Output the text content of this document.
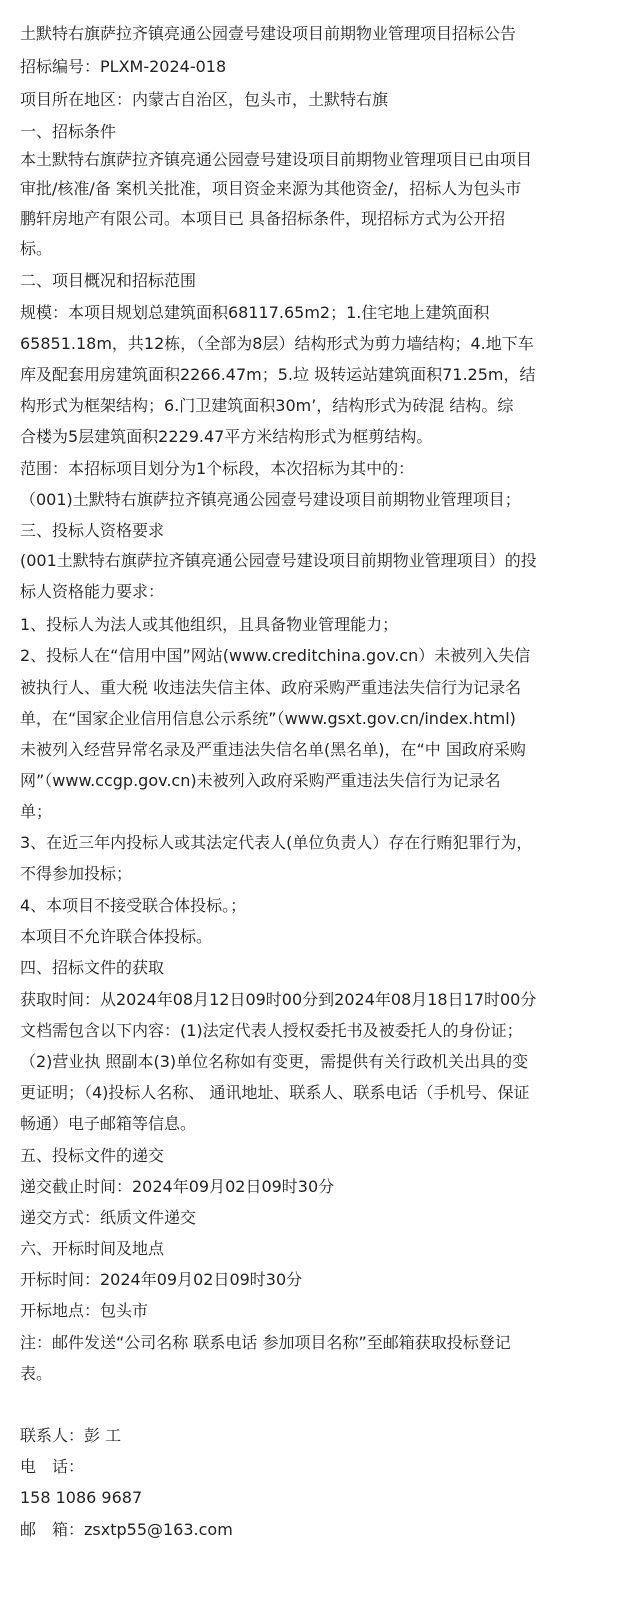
土默特右旗萨拉齐镇亮通公园壹号建设项目前期物业管理项目招标公告
招标编号：PLXM-2024-018
项目所在地区：内蒙古自治区，包头市，土默特右旗
一、招标条件
本土默特右旗萨拉齐镇亮通公园壹号建设项目前期物业管理项目已由项目
审批/核准/备 案机关批准，项目资金来源为其他资金/，招标人为包头市
鹏轩房地产有限公司。本项目已 具备招标条件，现招标方式为公开招
标。
二、项目概况和招标范围
规模：本项目规划总建筑面积68117.65m2；1.住宅地上建筑面积
65851.18m，共12栋，（全部为8层）结构形式为剪力墙结构；4.地下车
库及配套用房建筑面积2266.47m；5.垃 圾转运站建筑面积71.25m，结
构形式为框架结构；6.门卫建筑面积30m’，结构形式为砖混 结构。综
合楼为5层建筑面积2229.47平方米结构形式为框剪结构。
范围：本招标项目划分为1个标段，本次招标为其中的：
（001)土默特右旗萨拉齐镇亮通公园壹号建设项目前期物业管理项目；
三、投标人资格要求
(001土默特右旗萨拉齐镇亮通公园壹号建设项目前期物业管理项目）的投
标人资格能力要求：
1、投标人为法人或其他组织，且具备物业管理能力；
2、投标人在“信用中国”网站(www.creditchina.gov.cn）未被列入失信
被执行人、重大税 收违法失信主体、政府采购严重违法失信行为记录名
单，在“国家企业信用信息公示系统”（www.gsxt.gov.cn/index.html)
未被列入经营异常名录及严重违法失信名单(黑名单)，在“中 国政府采购
网”（www.ccgp.gov.cn)未被列入政府采购严重违法失信行为记录名
单；
3、在近三年内投标人或其法定代表人(单位负责人）存在行贿犯罪行为，
不得参加投标；
4、本项目不接受联合体投标。；
本项目不允许联合体投标。
四、招标文件的获取
获取时间：从2024年08月12日09时00分到2024年08月18日17时00分
文档需包含以下内容：(1)法定代表人授权委托书及被委托人的身份证；
（2)营业执 照副本(3)单位名称如有变更，需提供有关行政机关出具的变
更证明；（4)投标人名称、 通讯地址、联系人、联系电话（手机号、保证
畅通）电子邮箱等信息。
五、投标文件的递交
递交截止时间：2024年09月02日09时30分
递交方式：纸质文件递交
六、开标时间及地点
开标时间：2024年09月02日09时30分
开标地点：包头市
注：邮件发送“公司名称 联系电话 参加项目名称”至邮箱获取投标登记
表。
联系人：彭 工
电　话：
158 1086 9687
邮　箱：zsxtp55@163.com
